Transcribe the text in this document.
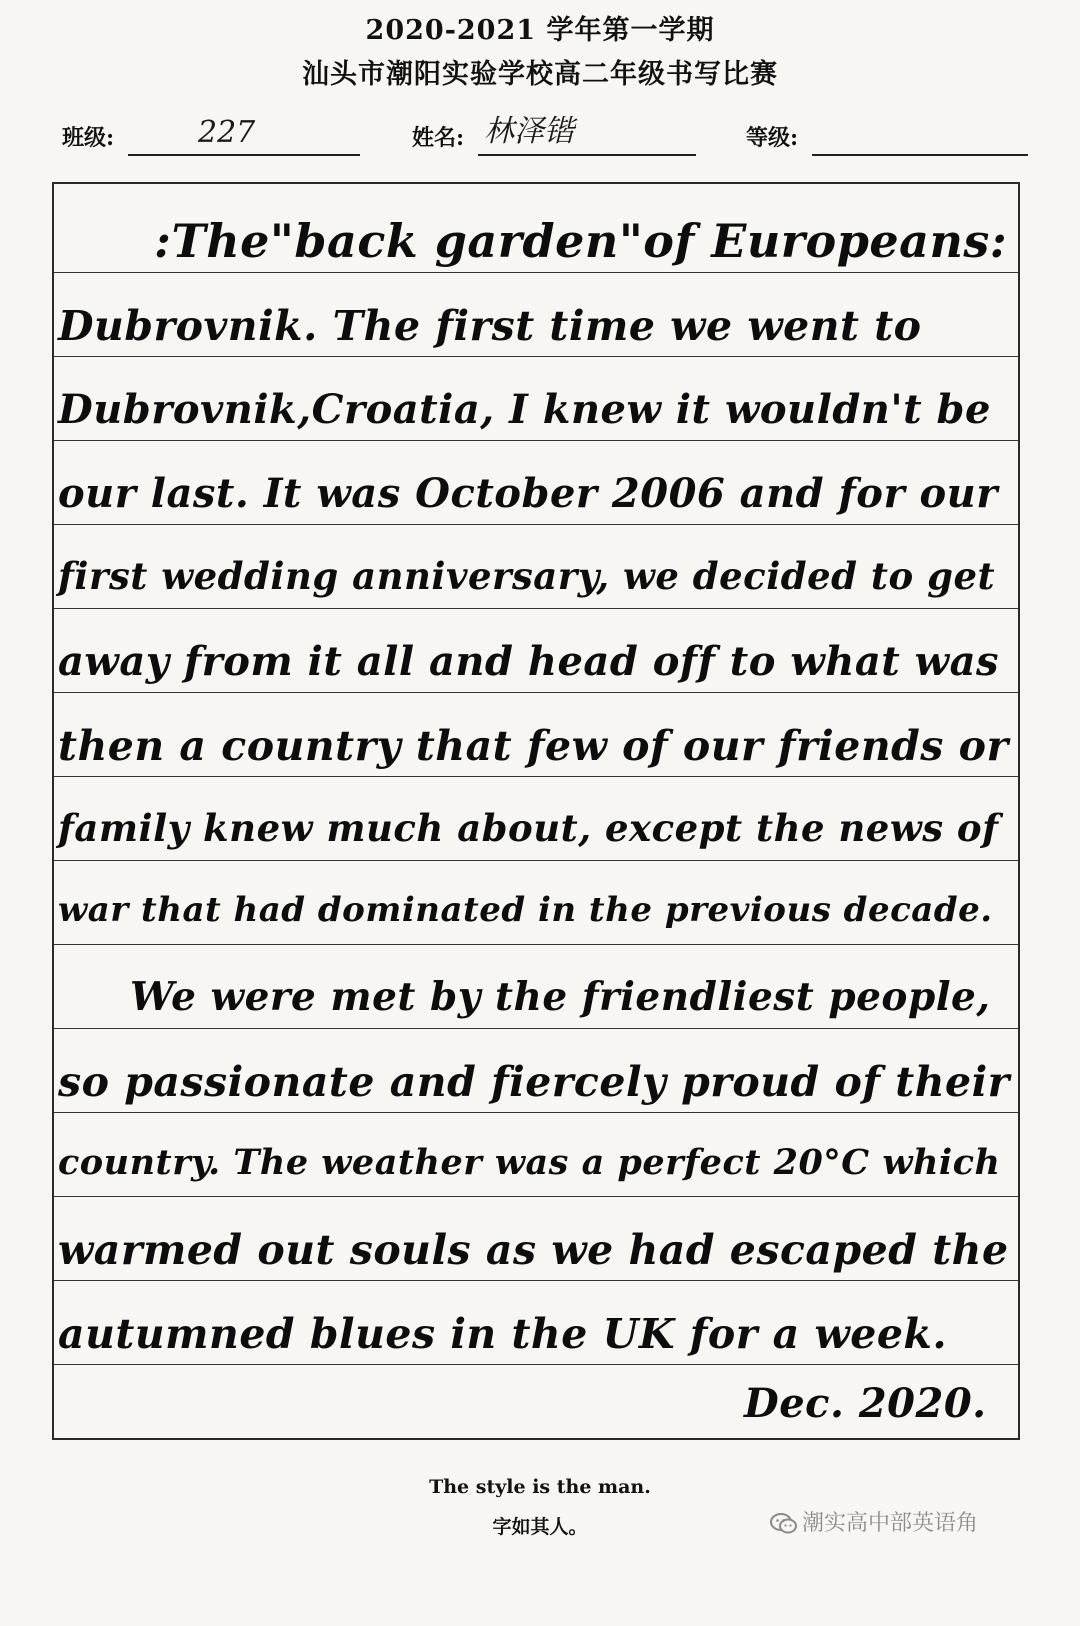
2020-2021 学年第一学期
汕头市潮阳实验学校高二年级书写比赛
班级:	227	姓名: 林泽锴	等级:
:The"back garden"of Europeans:
Dubrovnik. The first time we went to
Dubrovnik,Croatia, I knew it wouldn't be
our last. It was October 2006 and for our
first wedding anniversary, we decided to get
away from it all and head off to what was
then a country that few of our friends or
family knew much about, except the news of
war that had dominated in the previous decade.
We were met by the friendliest people,
so passionate and fiercely proud of their
country. The weather was a perfect 20°C which
warmed out souls as we had escaped the
autumned blues in the UK for a week.
Dec. 2020.
The style is the man.
字如其人。	潮实高中部英语角
